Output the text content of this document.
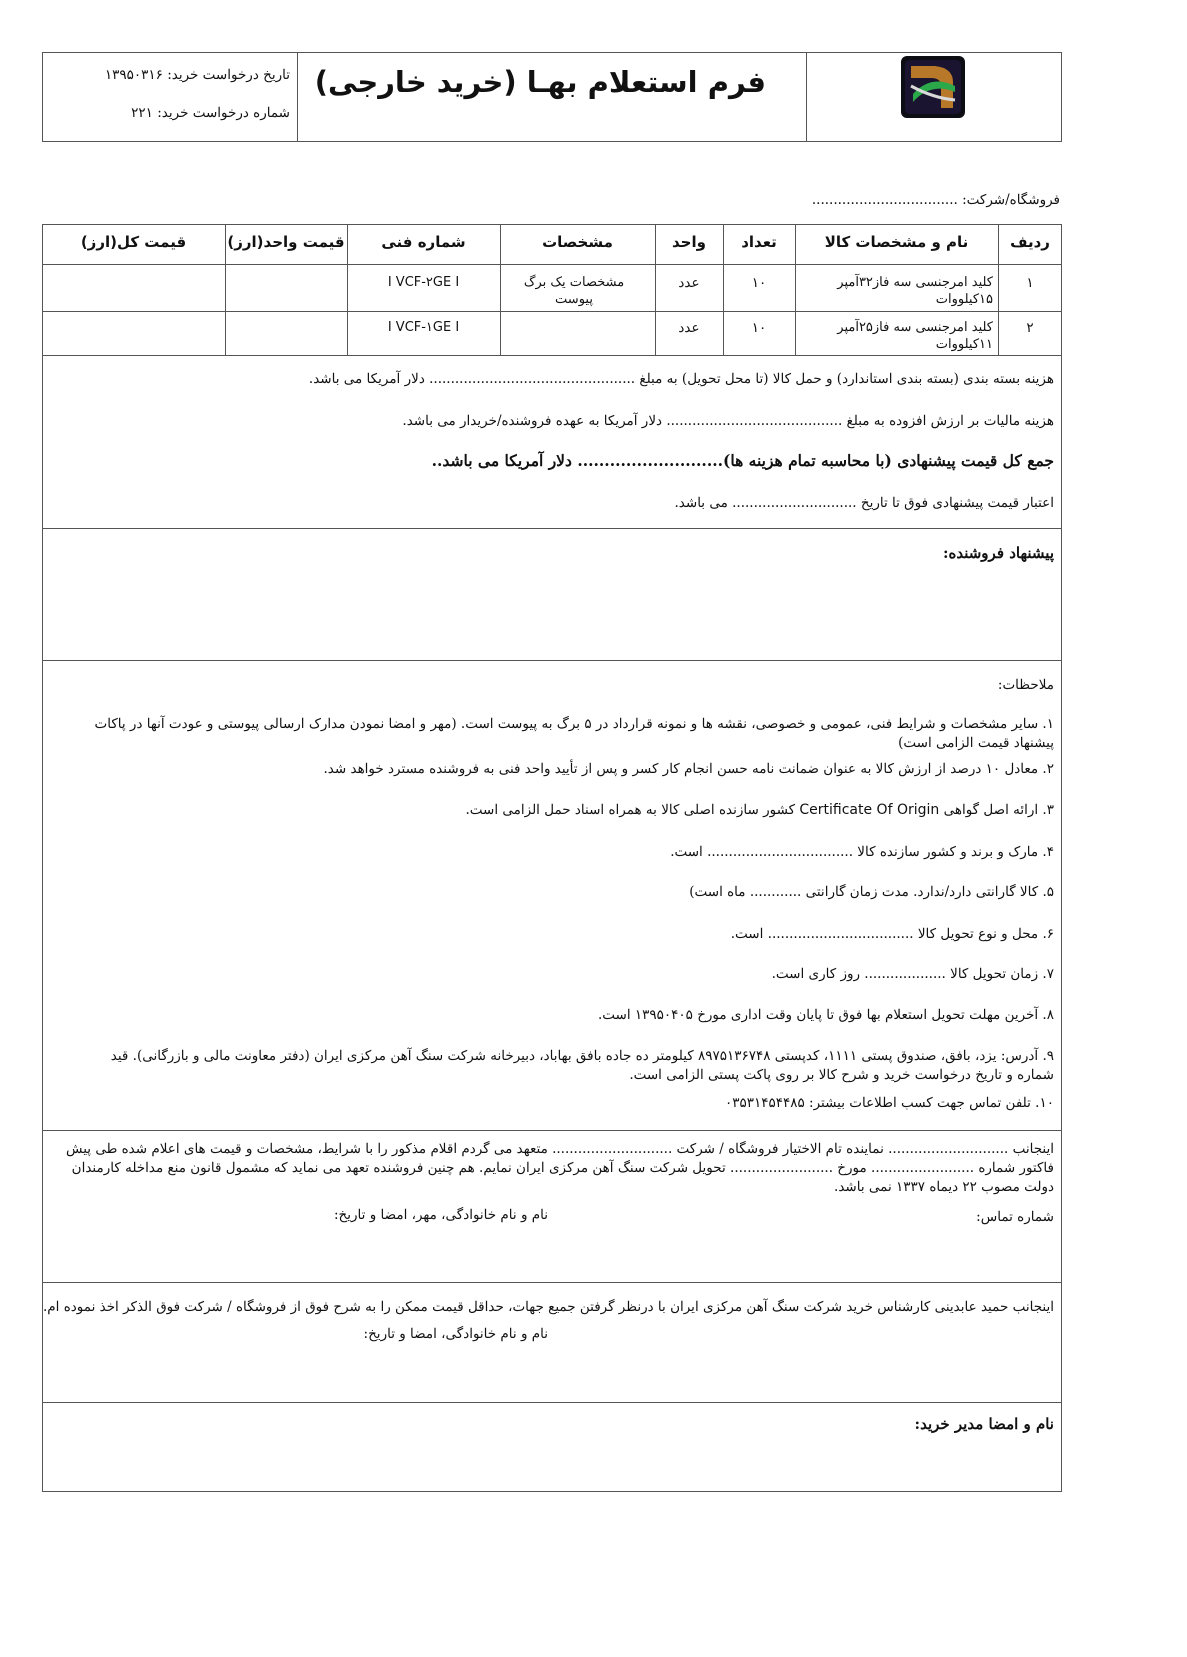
فرم استعلام بهـا (خرید خارجی)
تاریخ درخواست خرید: ۱۳۹۵۰۳۱۶
شماره درخواست خرید: ۲۲۱
فروشگاه/شرکت: ..................................
ردیف
نام و مشخصات کالا
تعداد
واحد
مشخصات
شماره فنی
قیمت واحد(ارز)
قیمت کل(ارز)
۱
کلید امرجنسی سه فاز۳۲آمپر ۱۵کیلووات
۱۰
عدد
مشخصات یک برگ پیوست
I VCF-۲GE I
۲
کلید امرجنسی سه فاز۲۵آمپر ۱۱کیلووات
۱۰
عدد
I VCF-۱GE I
هزینه بسته بندی (بسته بندی استاندارد) و حمل کالا (تا محل تحویل) به مبلغ ................................................ دلار آمریکا می باشد.
هزینه مالیات بر ارزش افزوده به مبلغ ......................................... دلار آمریکا به عهده فروشنده/خریدار می باشد.
جمع کل قیمت پیشنهادی (با محاسبه تمام هزینه ها)........................... دلار آمریکا می باشد..
اعتبار قیمت پیشنهادی فوق تا تاریخ ............................. می باشد.
پیشنهاد فروشنده:
ملاحظات:
۱. سایر مشخصات و شرایط فنی، عمومی و خصوصی، نقشه ها و نمونه قرارداد در ۵ برگ به پیوست است. (مهر و امضا نمودن مدارک ارسالی پیوستی و عودت آنها در پاکات پیشنهاد قیمت الزامی است)
۲. معادل ۱۰ درصد از ارزش کالا به عنوان ضمانت نامه حسن انجام کار کسر و پس از تأیید واحد فنی به فروشنده مسترد خواهد شد.
۳. ارائه اصل گواهی Certificate Of Origin کشور سازنده اصلی کالا به همراه اسناد حمل الزامی است.
۴. مارک و برند و کشور سازنده کالا .................................. است.
۵. کالا گارانتی دارد/ندارد. مدت زمان گارانتی ............ ماه است)
۶. محل و نوع تحویل کالا .................................. است.
۷. زمان تحویل کالا ................... روز کاری است.
۸. آخرین مهلت تحویل استعلام بها فوق تا پایان وقت اداری مورخ ۱۳۹۵۰۴۰۵ است.
۹. آدرس: یزد، بافق، صندوق پستی ۱۱۱۱، کدپستی ۸۹۷۵۱۳۶۷۴۸ کیلومتر ده جاده بافق بهاباد، دبیرخانه شرکت سنگ آهن مرکزی ایران (دفتر معاونت مالی و بازرگانی). قید شماره و تاریخ درخواست خرید و شرح کالا بر روی پاکت پستی الزامی است.
۱۰. تلفن تماس جهت کسب اطلاعات بیشتر: ۰۳۵۳۱۴۵۴۴۸۵
اینجانب ............................ نماینده تام الاختیار فروشگاه / شرکت ............................ متعهد می گردم اقلام مذکور را با شرایط، مشخصات و قیمت های اعلام شده طی پیش فاکتور شماره ........................ مورخ ........................ تحویل شرکت سنگ آهن مرکزی ایران نمایم. هم چنین فروشنده تعهد می نماید که مشمول قانون منع مداخله کارمندان دولت مصوب ۲۲ دیماه ۱۳۳۷ نمی باشد.
شماره تماس:
نام و نام خانوادگی، مهر، امضا و تاریخ:
اینجانب حمید عابدینی کارشناس خرید شرکت سنگ آهن مرکزی ایران با درنظر گرفتن جمیع جهات، حداقل قیمت ممکن را به شرح فوق از فروشگاه / شرکت فوق الذکر اخذ نموده ام.
نام و نام خانوادگی، امضا و تاریخ:
نام و امضا مدیر خرید:
